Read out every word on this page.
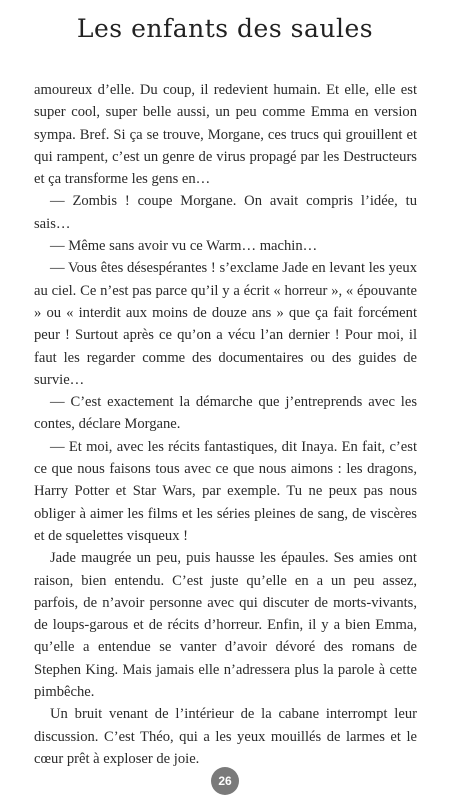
Les enfants des saules

amoureux d’elle. Du coup, il redevient humain. Et elle, elle est super cool, super belle aussi, un peu comme Emma en version sympa. Bref. Si ça se trouve, Morgane, ces trucs qui grouillent et qui rampent, c’est un genre de virus propagé par les Destructeurs et ça transforme les gens en…

— Zombis ! coupe Morgane. On avait compris l’idée, tu sais…

— Même sans avoir vu ce Warm… machin…

— Vous êtes désespérantes ! s’exclame Jade en levant les yeux au ciel. Ce n’est pas parce qu’il y a écrit « horreur », « épouvante » ou « interdit aux moins de douze ans » que ça fait forcément peur ! Surtout après ce qu’on a vécu l’an dernier ! Pour moi, il faut les regarder comme des documentaires ou des guides de survie…

— C’est exactement la démarche que j’entreprends avec les contes, déclare Morgane.

— Et moi, avec les récits fantastiques, dit Inaya. En fait, c’est ce que nous faisons tous avec ce que nous aimons : les dragons, Harry Potter et Star Wars, par exemple. Tu ne peux pas nous obliger à aimer les films et les séries pleines de sang, de viscères et de squelettes visqueux !

Jade maugrée un peu, puis hausse les épaules. Ses amies ont raison, bien entendu. C’est juste qu’elle en a un peu assez, parfois, de n’avoir personne avec qui discuter de morts-vivants, de loups-garous et de récits d’horreur. Enfin, il y a bien Emma, qu’elle a entendue se vanter d’avoir dévoré des romans de Stephen King. Mais jamais elle n’adressera plus la parole à cette pimbêche.

Un bruit venant de l’intérieur de la cabane interrompt leur discussion. C’est Théo, qui a les yeux mouillés de larmes et le cœur prêt à exploser de joie.

26
